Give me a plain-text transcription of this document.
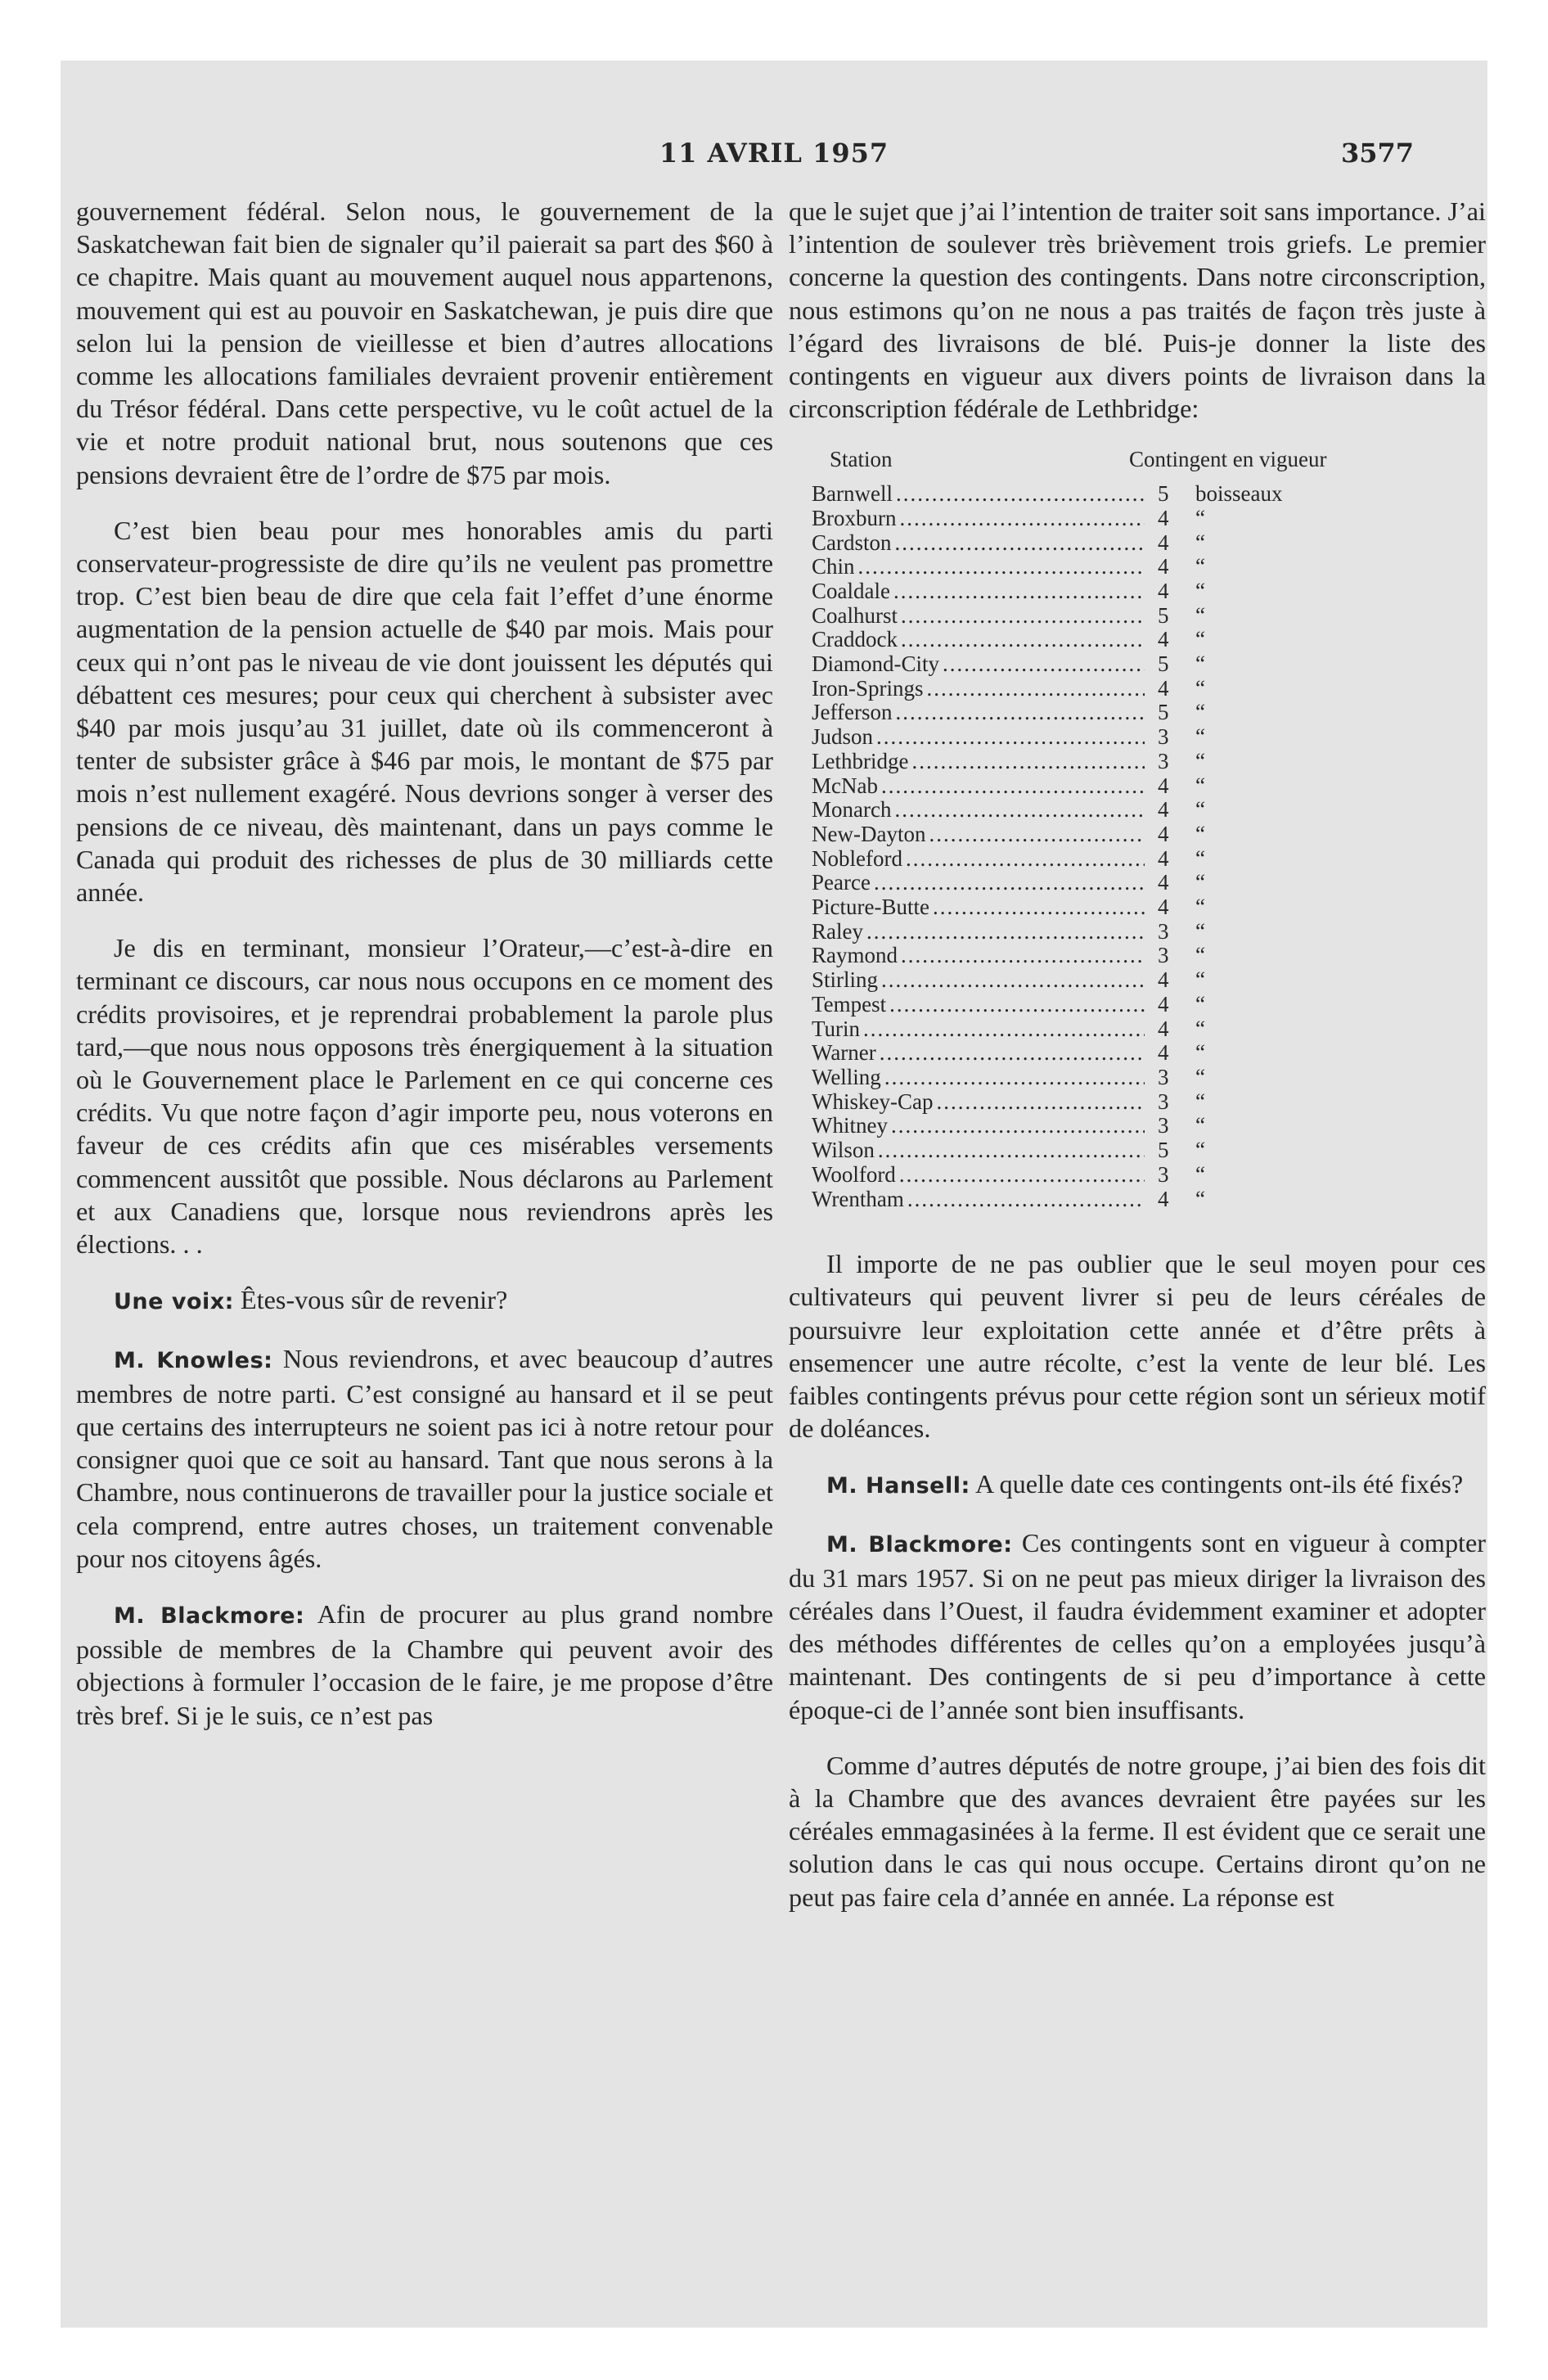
11 AVRIL 1957	3577

gouvernement fédéral. Selon nous, le gouvernement de la Saskatchewan fait bien de signaler qu’il paierait sa part des $60 à ce chapitre. Mais quant au mouvement auquel nous appartenons, mouvement qui est au pouvoir en Saskatchewan, je puis dire que selon lui la pension de vieillesse et bien d’autres allocations comme les allocations familiales devraient provenir entièrement du Trésor fédéral. Dans cette perspective, vu le coût actuel de la vie et notre produit national brut, nous soutenons que ces pensions devraient être de l’ordre de $75 par mois.

C’est bien beau pour mes honorables amis du parti conservateur-progressiste de dire qu’ils ne veulent pas promettre trop. C’est bien beau de dire que cela fait l’effet d’une énorme augmentation de la pension actuelle de $40 par mois. Mais pour ceux qui n’ont pas le niveau de vie dont jouissent les députés qui débattent ces mesures; pour ceux qui cherchent à subsister avec $40 par mois jusqu’au 31 juillet, date où ils commenceront à tenter de subsister grâce à $46 par mois, le montant de $75 par mois n’est nullement exagéré. Nous devrions songer à verser des pensions de ce niveau, dès maintenant, dans un pays comme le Canada qui produit des richesses de plus de 30 milliards cette année.

Je dis en terminant, monsieur l’Orateur,—c’est-à-dire en terminant ce discours, car nous nous occupons en ce moment des crédits provisoires, et je reprendrai probablement la parole plus tard,—que nous nous opposons très énergiquement à la situation où le Gouvernement place le Parlement en ce qui concerne ces crédits. Vu que notre façon d’agir importe peu, nous voterons en faveur de ces crédits afin que ces misérables versements commencent aussitôt que possible. Nous déclarons au Parlement et aux Canadiens que, lorsque nous reviendrons après les élections. . .

Une voix: Êtes-vous sûr de revenir?

M. Knowles: Nous reviendrons, et avec beaucoup d’autres membres de notre parti. C’est consigné au hansard et il se peut que certains des interrupteurs ne soient pas ici à notre retour pour consigner quoi que ce soit au hansard. Tant que nous serons à la Chambre, nous continuerons de travailler pour la justice sociale et cela comprend, entre autres choses, un traitement convenable pour nos citoyens âgés.

M. Blackmore: Afin de procurer au plus grand nombre possible de membres de la Chambre qui peuvent avoir des objections à formuler l’occasion de le faire, je me propose d’être très bref. Si je le suis, ce n’est pas

que le sujet que j’ai l’intention de traiter soit sans importance. J’ai l’intention de soulever très brièvement trois griefs. Le premier concerne la question des contingents. Dans notre circonscription, nous estimons qu’on ne nous a pas traités de façon très juste à l’égard des livraisons de blé. Puis-je donner la liste des contingents en vigueur aux divers points de livraison dans la circonscription fédérale de Lethbridge:

Station	Contingent en vigueur
Barnwell .....	5	boisseaux
Broxburn .....	4	“
Cardston .....	4	“
Chin .....	4	“
Coaldale .....	4	“
Coalhurst .....	5	“
Craddock .....	4	“
Diamond-City .....	5	“
Iron-Springs .....	4	“
Jefferson .....	5	“
Judson .....	3	“
Lethbridge .....	3	“
McNab .....	4	“
Monarch .....	4	“
New-Dayton .....	4	“
Nobleford .....	4	“
Pearce .....	4	“
Picture-Butte .....	4	“
Raley .....	3	“
Raymond .....	3	“
Stirling .....	4	“
Tempest .....	4	“
Turin .....	4	“
Warner .....	4	“
Welling .....	3	“
Whiskey-Cap .....	3	“
Whitney .....	3	“
Wilson .....	5	“
Woolford .....	3	“
Wrentham .....	4	“

Il importe de ne pas oublier que le seul moyen pour ces cultivateurs qui peuvent livrer si peu de leurs céréales de poursuivre leur exploitation cette année et d’être prêts à ensemencer une autre récolte, c’est la vente de leur blé. Les faibles contingents prévus pour cette région sont un sérieux motif de doléances.

M. Hansell: A quelle date ces contingents ont-ils été fixés?

M. Blackmore: Ces contingents sont en vigueur à compter du 31 mars 1957. Si on ne peut pas mieux diriger la livraison des céréales dans l’Ouest, il faudra évidemment examiner et adopter des méthodes différentes de celles qu’on a employées jusqu’à maintenant. Des contingents de si peu d’importance à cette époque-ci de l’année sont bien insuffisants.

Comme d’autres députés de notre groupe, j’ai bien des fois dit à la Chambre que des avances devraient être payées sur les céréales emmagasinées à la ferme. Il est évident que ce serait une solution dans le cas qui nous occupe. Certains diront qu’on ne peut pas faire cela d’année en année. La réponse est
